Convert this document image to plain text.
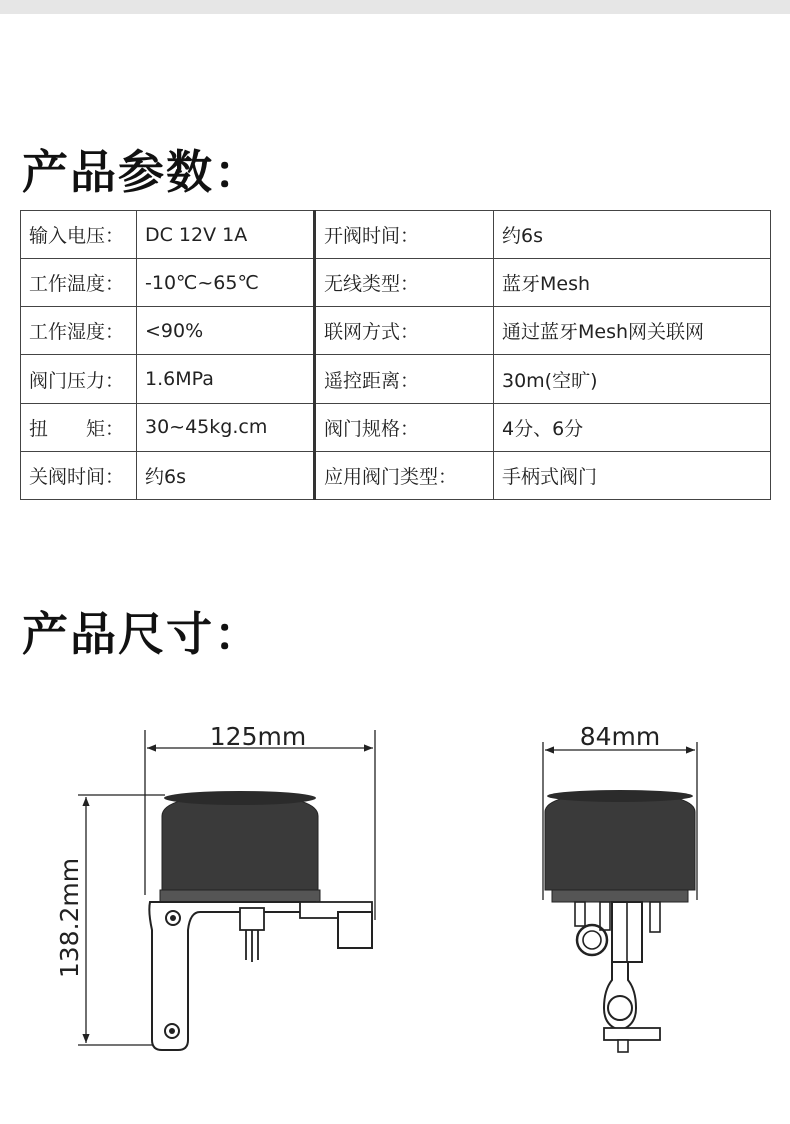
产品参数：
输入电压：	DC 12V 1A	开阀时间：	约6s
工作温度：	-10℃~65℃	无线类型：	蓝牙Mesh
工作湿度：	<90%	联网方式：	通过蓝牙Mesh网关联网
阀门压力：	1.6MPa	遥控距离：	30m(空旷)
扭　　矩：	30~45kg.cm	阀门规格：	4分、6分
关阀时间：	约6s	应用阀门类型：	手柄式阀门
产品尺寸：
125mm
138.2mm
84mm
